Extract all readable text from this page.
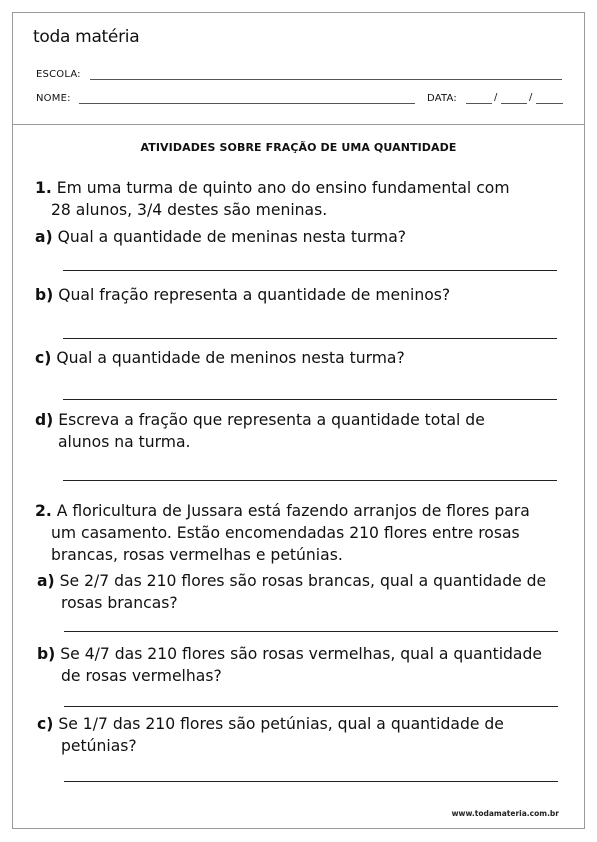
toda matéria
ESCOLA:
NOME:	DATA:	/	/
ATIVIDADES SOBRE FRAÇÃO DE UMA QUANTIDADE
1. Em uma turma de quinto ano do ensino fundamental com
28 alunos, 3/4 destes são meninas.
a) Qual a quantidade de meninas nesta turma?
b) Qual fração representa a quantidade de meninos?
c) Qual a quantidade de meninos nesta turma?
d) Escreva a fração que representa a quantidade total de
alunos na turma.
2. A floricultura de Jussara está fazendo arranjos de flores para
um casamento. Estão encomendadas 210 flores entre rosas
brancas, rosas vermelhas e petúnias.
a) Se 2/7 das 210 flores são rosas brancas, qual a quantidade de
rosas brancas?
b) Se 4/7 das 210 flores são rosas vermelhas, qual a quantidade
de rosas vermelhas?
c) Se 1/7 das 210 flores são petúnias, qual a quantidade de
petúnias?
www.todamateria.com.br
